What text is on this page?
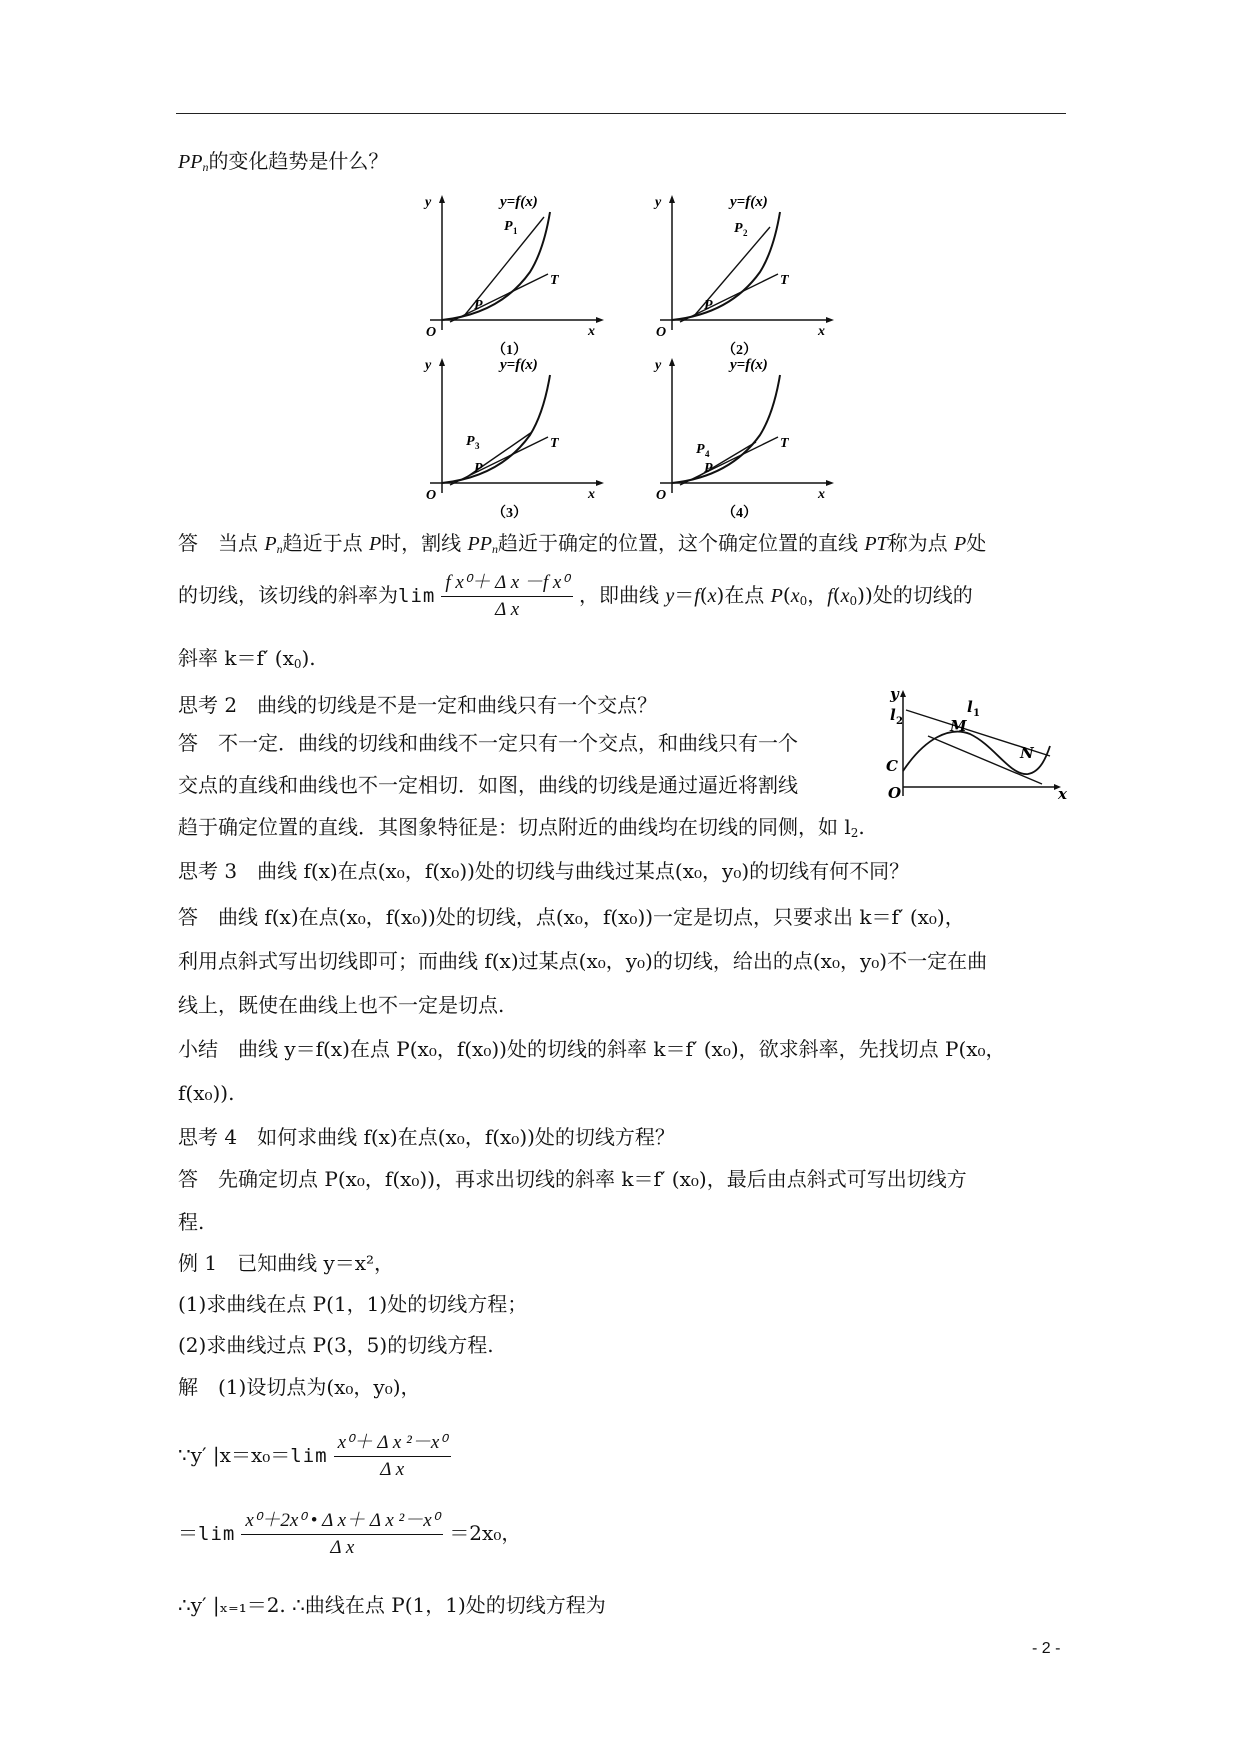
$PP_n$的变化趋势是什么？
y	y=f(x)
P
P 1
T
O	x
（1）
y	y=f(x)
P
P 2
T
O	x
（2）
y	y=f(x)
P
P 3	T
O	x
（3）
y	y=f(x)
P
P 4
T
O	x
（4）
答　当点 $P_n$趋近于点 P时，割线 $PP_n$趋近于确定的位置，这个确定位置的直线 PT称为点 P处
的切线，该切线的斜率为$\lim \frac{\text{f x⁰＋ Δ x －f x⁰}}{\text{Δ x}}$ ，即曲线 y＝f(x)在点 $P(x_0$，$f(x_0)$)处的切线的
斜率 k＝f′ $(x_0)$.
思考 2　曲线的切线是不是一定和曲线只有一个交点？
答　不一定．曲线的切线和曲线不一定只有一个交点，和曲线只有一个
交点的直线和曲线也不一定相切．如图，曲线的切线是通过逼近将割线
趋于确定位置的直线．其图象特征是：切点附近的曲线均在切线的同侧，如 $l_2$.
y
l 2
l 1
M
N
C
O	x
思考 3　曲线 f(x)在点(x₀，f(x₀))处的切线与曲线过某点(x₀，y₀)的切线有何不同？
答　曲线 f(x)在点(x₀，f(x₀))处的切线，点(x₀，f(x₀))一定是切点，只要求出 k＝f′ (x₀)，
利用点斜式写出切线即可；而曲线 f(x)过某点(x₀，y₀)的切线，给出的点(x₀，y₀)不一定在曲
线上，既使在曲线上也不一定是切点.
小结　曲线 y＝f(x)在点 P(x₀，f(x₀))处的切线的斜率 k＝f′ (x₀)，欲求斜率，先找切点 P(x₀，
f(x₀)).
思考 4　如何求曲线 f(x)在点(x₀，f(x₀))处的切线方程？
答　先确定切点 P(x₀，f(x₀))，再求出切线的斜率 k＝f′ (x₀)，最后由点斜式可写出切线方
程.
例 1　已知曲线 y＝x²，
(1)求曲线在点 P(1，1)处的切线方程；
(2)求曲线过点 P(3，5)的切线方程.
解　(1)设切点为(x₀，y₀)，
∵y′ $|x=x_0=\lim \frac{\text{x⁰＋ Δ x ²－x⁰}}{\text{Δ x}}$
$=\lim \frac{\text{x⁰＋2x⁰ • Δ x＋ Δ x ²－x⁰}}{\text{Δ x}} =2x_0$，
∴y′ |ₓ₌₁＝2. ∴曲线在点 P(1，1)处的切线方程为
- 2 -
